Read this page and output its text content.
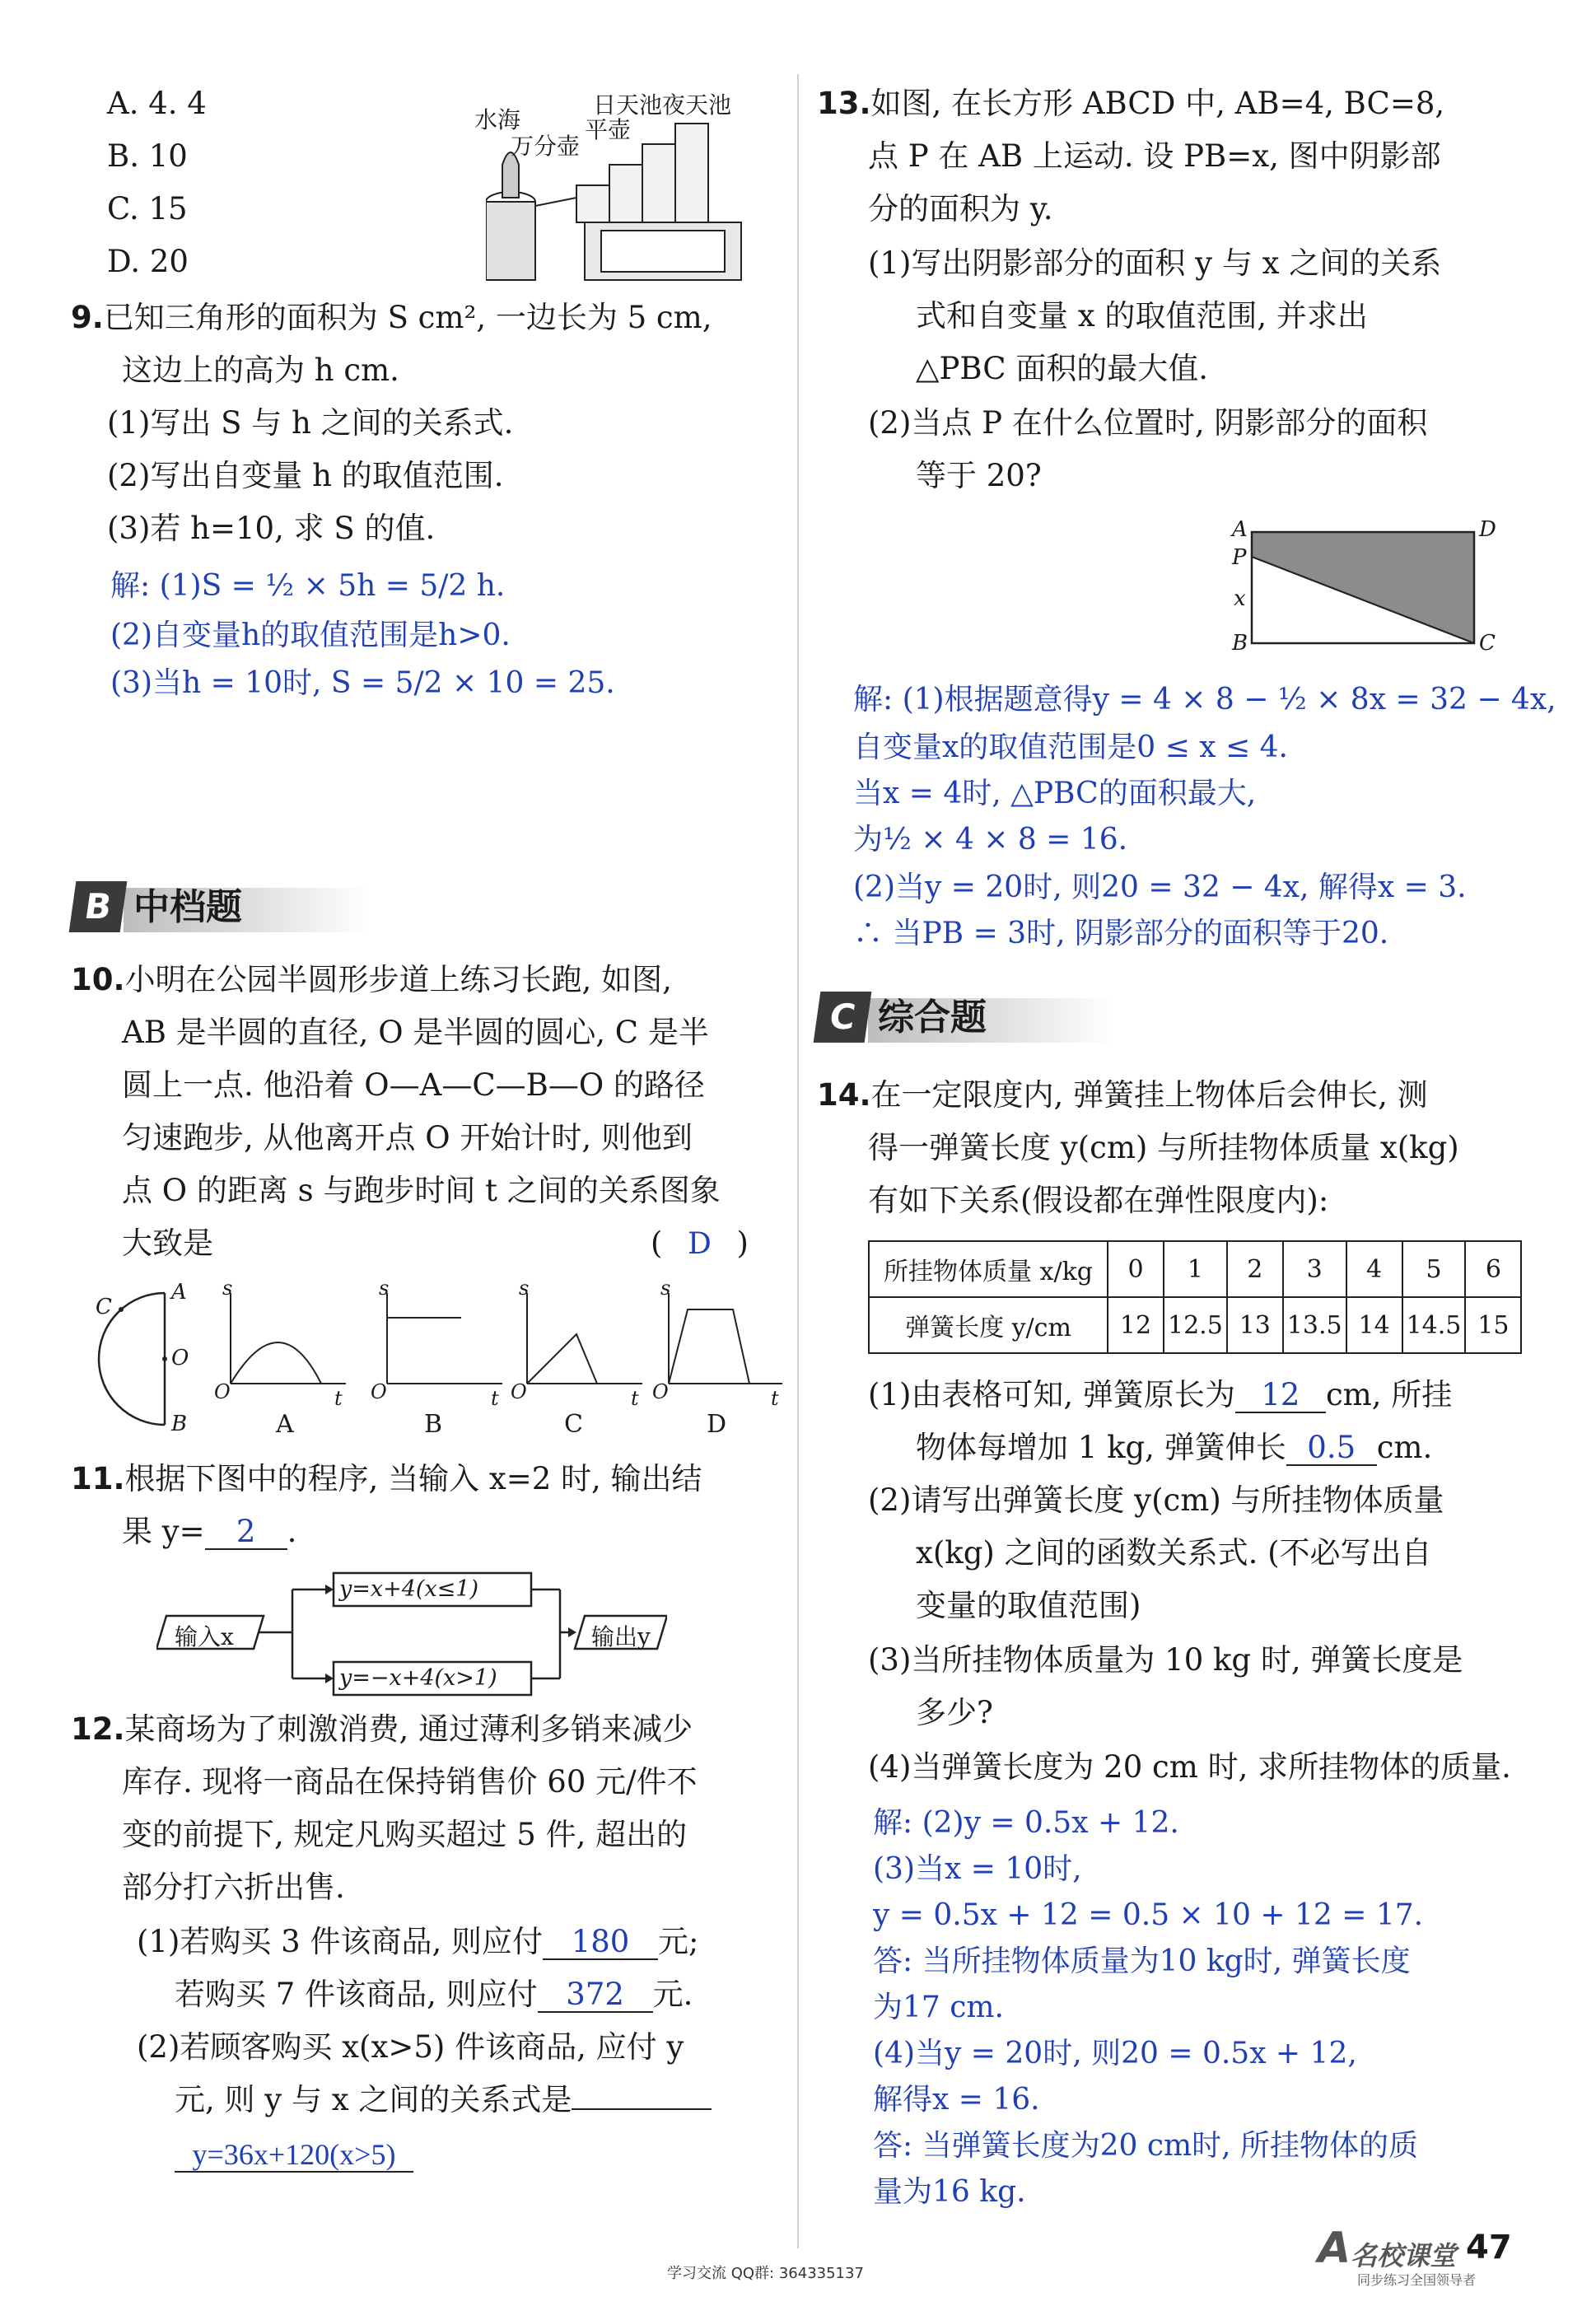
A. 4. 4
B. 10
C. 15
D. 20
水海
日天池夜天池
万分壶
平壶
9.已知三角形的面积为 S cm², 一边长为 5 cm,
这边上的高为 h cm.
(1)写出 S 与 h 之间的关系式.
(2)写出自变量 h 的取值范围.
(3)若 h=10, 求 S 的值.
解: (1)S = ½ × 5h = 5/2 h.
(2)自变量h的取值范围是h>0.
(3)当h = 10时, S = 5/2 × 10 = 25.
B 中档题
10.小明在公园半圆形步道上练习长跑, 如图,
AB 是半圆的直径, O 是半圆的圆心, C 是半
圆上一点. 他沿着 O—A—C—B—O 的路径
匀速跑步, 从他离开点 O 开始计时, 则他到
点 O 的距离 s 与跑步时间 t 之间的关系图象
大致是	( D )
A
O
B
C
s
t
O
s
t
O
s
t
O
s
t
O
A	B	C	D
11.根据下图中的程序, 当输入 x=2 时, 输出结
果 y= 2 .
输入x
y=x+4(x≤1)
y=−x+4(x>1)
输出y
12.某商场为了刺激消费, 通过薄利多销来减少
库存. 现将一商品在保持销售价 60 元/件不
变的前提下, 规定凡购买超过 5 件, 超出的
部分打六折出售.
(1)若购买 3 件该商品, 则应付 180 元;
若购买 7 件该商品, 则应付 372 元.
(2)若顾客购买 x(x>5) 件该商品, 应付 y
元, 则 y 与 x 之间的关系式是
y=36x+120(x>5)
13.如图, 在长方形 ABCD 中, AB=4, BC=8,
点 P 在 AB 上运动. 设 PB=x, 图中阴影部
分的面积为 y.
(1)写出阴影部分的面积 y 与 x 之间的关系
式和自变量 x 的取值范围, 并求出
△PBC 面积的最大值.
(2)当点 P 在什么位置时, 阴影部分的面积
等于 20?
A	D
P
x
B	C
解: (1)根据题意得y = 4 × 8 − ½ × 8x = 32 − 4x,
自变量x的取值范围是0 ≤ x ≤ 4.
当x = 4时, △PBC的面积最大,
为½ × 4 × 8 = 16.
(2)当y = 20时, 则20 = 32 − 4x, 解得x = 3.
∴ 当PB = 3时, 阴影部分的面积等于20.
C 综合题
14.在一定限度内, 弹簧挂上物体后会伸长, 测
得一弹簧长度 y(cm) 与所挂物体质量 x(kg)
有如下关系(假设都在弹性限度内):
所挂物体质量 x/kg	0	1	2	3	4	5	6
弹簧长度 y/cm	12	12.5	13	13.5	14	14.5	15
(1)由表格可知, 弹簧原长为 12 cm, 所挂
物体每增加 1 kg, 弹簧伸长 0.5 cm.
(2)请写出弹簧长度 y(cm) 与所挂物体质量
x(kg) 之间的函数关系式. (不必写出自
变量的取值范围)
(3)当所挂物体质量为 10 kg 时, 弹簧长度是
多少?
(4)当弹簧长度为 20 cm 时, 求所挂物体的质量.
解: (2)y = 0.5x + 12.
(3)当x = 10时,
y = 0.5x + 12 = 0.5 × 10 + 12 = 17.
答: 当所挂物体质量为10 kg时, 弹簧长度
为17 cm.
(4)当y = 20时, 则20 = 0.5x + 12,
解得x = 16.
答: 当弹簧长度为20 cm时, 所挂物体的质
量为16 kg.
学习交流 QQ群: 364335137
A 名校课堂
同步练习全国领导者
47
